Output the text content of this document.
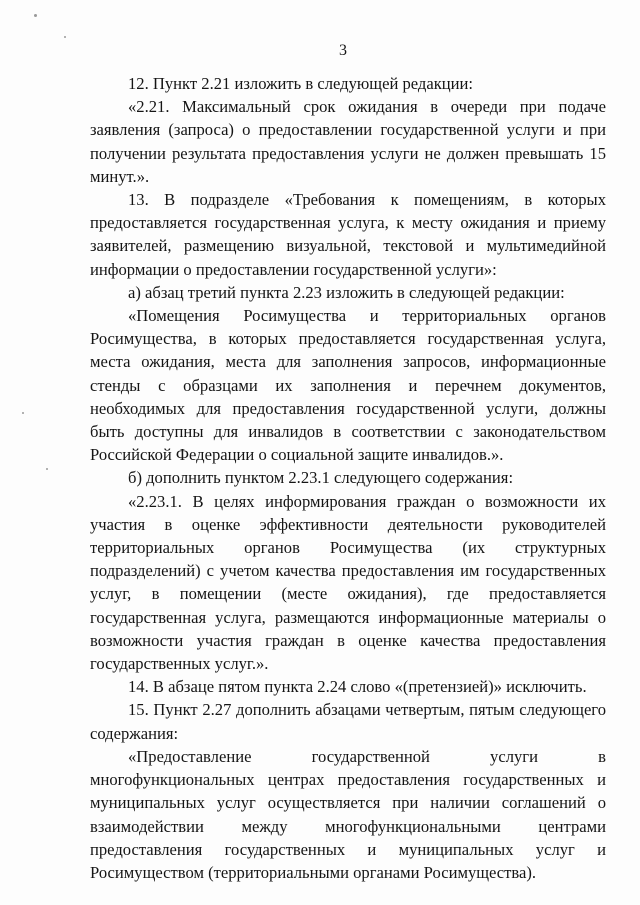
3

12. Пункт 2.21 изложить в следующей редакции:

«2.21. Максимальный срок ожидания в очереди при подаче заявления (запроса) о предоставлении государственной услуги и при получении результата предоставления услуги не должен превышать 15 минут.».

13. В подразделе «Требования к помещениям, в которых предоставляется государственная услуга, к месту ожидания и приему заявителей, размещению визуальной, текстовой и мультимедийной информации о предоставлении государственной услуги»:

а) абзац третий пункта 2.23 изложить в следующей редакции:

«Помещения Росимущества и территориальных органов Росимущества, в которых предоставляется государственная услуга, места ожидания, места для заполнения запросов, информационные стенды с образцами их заполнения и перечнем документов, необходимых для предоставления государственной услуги, должны быть доступны для инвалидов в соответствии с законодательством Российской Федерации о социальной защите инвалидов.».

б) дополнить пунктом 2.23.1 следующего содержания:

«2.23.1. В целях информирования граждан о возможности их участия в оценке эффективности деятельности руководителей территориальных органов Росимущества (их структурных подразделений) с учетом качества предоставления им государственных услуг, в помещении (месте ожидания), где предоставляется государственная услуга, размещаются информационные материалы о возможности участия граждан в оценке качества предоставления государственных услуг.».

14. В абзаце пятом пункта 2.24 слово «(претензией)» исключить.

15. Пункт 2.27 дополнить абзацами четвертым, пятым следующего содержания:

«Предоставление государственной услуги в многофункциональных центрах предоставления государственных и муниципальных услуг осуществляется при наличии соглашений о взаимодействии между многофункциональными центрами предоставления государственных и муниципальных услуг и Росимуществом (территориальными органами Росимущества).
